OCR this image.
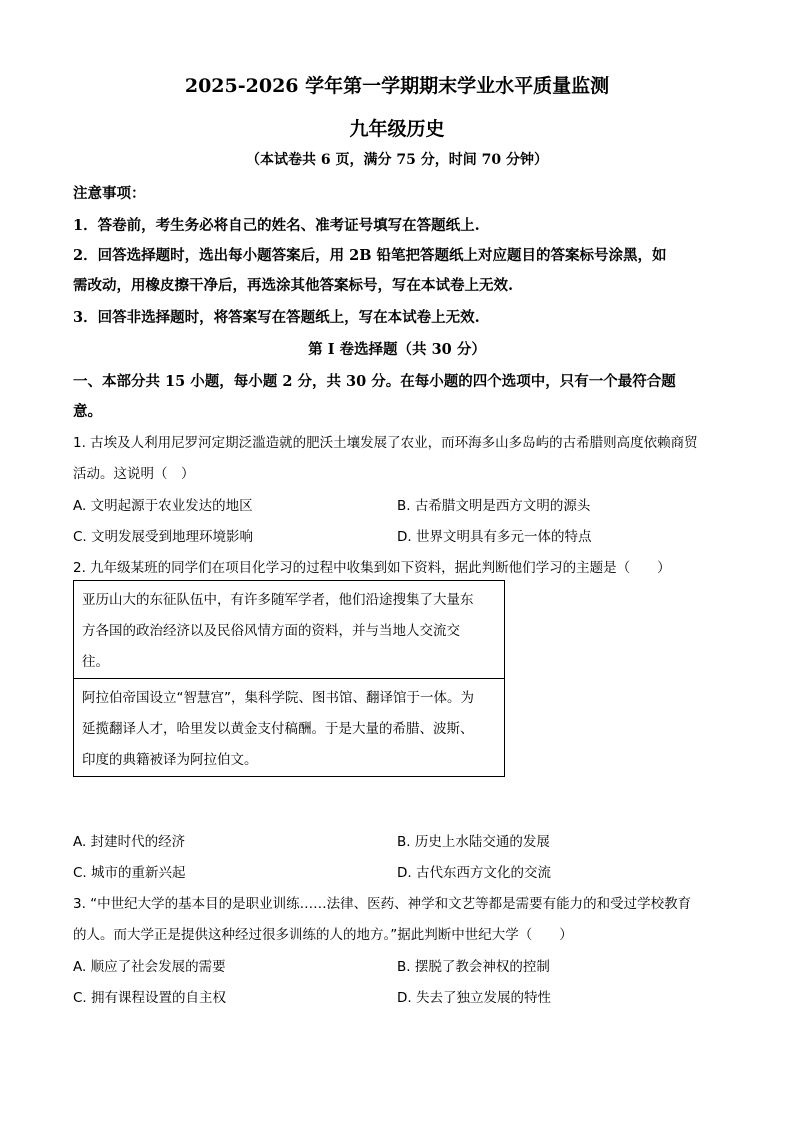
2025-2026 学年第一学期期末学业水平质量监测
九年级历史
（本试卷共 6 页，满分 75 分，时间 70 分钟）
注意事项：
1．答卷前，考生务必将自己的姓名、准考证号填写在答题纸上.
2．回答选择题时，选出每小题答案后，用 2B 铅笔把答题纸上对应题目的答案标号涂黑，如
需改动，用橡皮擦干净后，再选涂其他答案标号，写在本试卷上无效.
3．回答非选择题时，将答案写在答题纸上，写在本试卷上无效.
第 I 卷选择题（共 30 分）
一、本部分共 15 小题，每小题 2 分，共 30 分。在每小题的四个选项中，只有一个最符合题
意。
1. 古埃及人利用尼罗河定期泛滥造就的肥沃土壤发展了农业，而环海多山多岛屿的古希腊则高度依赖商贸
活动。这说明（　）
A. 文明起源于农业发达的地区	B. 古希腊文明是西方文明的源头
C. 文明发展受到地理环境影响	D. 世界文明具有多元一体的特点
2. 九年级某班的同学们在项目化学习的过程中收集到如下资料，据此判断他们学习的主题是（　　）
亚历山大的东征队伍中，有许多随军学者，他们沿途搜集了大量东
方各国的政治经济以及民俗风情方面的资料，并与当地人交流交
往。
阿拉伯帝国设立“智慧宫”，集科学院、图书馆、翻译馆于一体。为
延揽翻译人才，哈里发以黄金支付稿酬。于是大量的希腊、波斯、
印度的典籍被译为阿拉伯文。
A. 封建时代的经济	B. 历史上水陆交通的发展
C. 城市的重新兴起	D. 古代东西方文化的交流
3. “中世纪大学的基本目的是职业训练……法律、医药、神学和文艺等都是需要有能力的和受过学校教育
的人。而大学正是提供这种经过很多训练的人的地方。”据此判断中世纪大学（　　）
A. 顺应了社会发展的需要	B. 摆脱了教会神权的控制
C. 拥有课程设置的自主权	D. 失去了独立发展的特性
